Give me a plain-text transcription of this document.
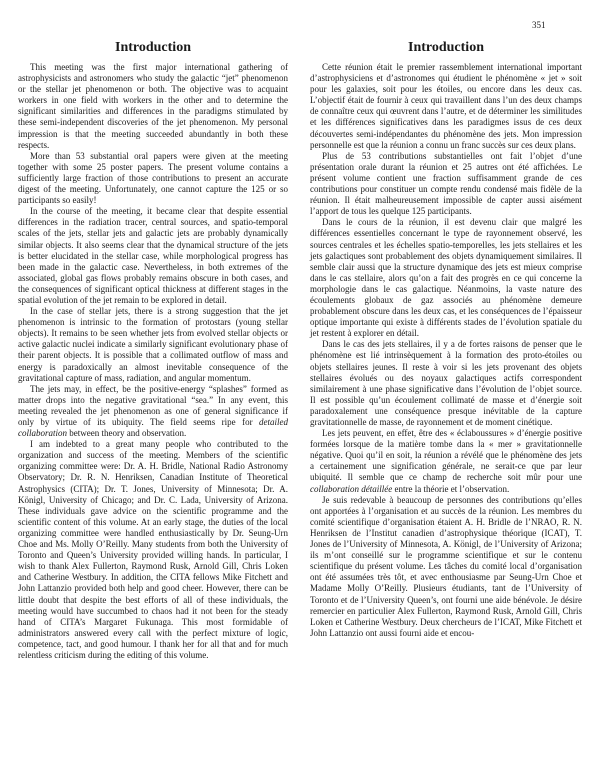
351
Introduction

This meeting was the first major international gathering of astrophysicists and astronomers who study the galactic “jet” phenomenon or the stellar jet phenomenon or both. The objective was to acquaint workers in one field with workers in the other and to determine the significant similarities and differences in the paradigms stimulated by these semi-independent discoveries of the jet phenomenon. My personal impression is that the meeting succeeded abundantly in both these respects.

More than 53 substantial oral papers were given at the meeting together with some 25 poster papers. The present volume contains a sufficiently large fraction of those contributions to present an accurate digest of the meeting. Unfortunately, one cannot capture the 125 or so participants so easily!

In the course of the meeting, it became clear that despite essential differences in the radiation tracer, central sources, and spatio-temporal scales of the jets, stellar jets and galactic jets are probably dynamically similar objects. It also seems clear that the dynamical structure of the jets is better elucidated in the stellar case, while morphological progress has been made in the galactic case. Nevertheless, in both extremes of the associated, global gas flows probably remains obscure in both cases, and the consequences of significant optical thickness at different stages in the spatial evolution of the jet remain to be explored in detail.

In the case of stellar jets, there is a strong suggestion that the jet phenomenon is intrinsic to the formation of protostars (young stellar objects). It remains to be seen whether jets from evolved stellar objects or active galactic nuclei indicate a similarly significant evolutionary phase of their parent objects. It is possible that a collimated outflow of mass and energy is paradoxically an almost inevitable consequence of the gravitational capture of mass, radiation, and angular momentum.

The jets may, in effect, be the positive-energy “splashes” formed as matter drops into the negative gravitational “sea.” In any event, this meeting revealed the jet phenomenon as one of general significance if only by virtue of its ubiquity. The field seems ripe for detailed collaboration between theory and observation.

I am indebted to a great many people who contributed to the organization and success of the meeting. Members of the scientific organizing committee were: Dr. A. H. Bridle, National Radio Astronomy Observatory; Dr. R. N. Henriksen, Canadian Institute of Theoretical Astrophysics (CITA); Dr. T. Jones, University of Minnesota; Dr. A. Königl, University of Chicago; and Dr. C. Lada, University of Arizona. These individuals gave advice on the scientific programme and the scientific content of this volume. At an early stage, the duties of the local organizing committee were handled enthusiastically by Dr. Seung-Urn Choe and Ms. Molly O’Reilly. Many students from both the University of Toronto and Queen’s University provided willing hands. In particular, I wish to thank Alex Fullerton, Raymond Rusk, Arnold Gill, Chris Loken and Catherine Westbury. In addition, the CITA fellows Mike Fitchett and John Lattanzio provided both help and good cheer. However, there can be little doubt that despite the best efforts of all of these individuals, the meeting would have succumbed to chaos had it not been for the steady hand of CITA’s Margaret Fukunaga. This most formidable of administrators answered every call with the perfect mixture of logic, competence, tact, and good humour. I thank her for all that and for much relentless criticism during the editing of this volume.

Introduction

Cette réunion était le premier rassemblement international important d’astrophysiciens et d’astronomes qui étudient le phénomène « jet » soit pour les galaxies, soit pour les étoiles, ou encore dans les deux cas. L’objectif était de fournir à ceux qui travaillent dans l’un des deux champs de connaître ceux qui œuvrent dans l’autre, et de déterminer les similitudes et les différences significatives dans les paradigmes issus de ces deux découvertes semi-indépendantes du phénomène des jets. Mon impression personnelle est que la réunion a connu un franc succès sur ces deux plans.

Plus de 53 contributions substantielles ont fait l’objet d’une présentation orale durant la réunion et 25 autres ont été affichées. Le présent volume contient une fraction suffisamment grande de ces contributions pour constituer un compte rendu condensé mais fidèle de la réunion. Il était malheureusement impossible de capter aussi aisément l’apport de tous les quelque 125 participants.

Dans le cours de la réunion, il est devenu clair que malgré les différences essentielles concernant le type de rayonnement observé, les sources centrales et les échelles spatio-temporelles, les jets stellaires et les jets galactiques sont probablement des objets dynamiquement similaires. Il semble clair aussi que la structure dynamique des jets est mieux comprise dans le cas stellaire, alors qu’on a fait des progrès en ce qui concerne la morphologie dans le cas galactique. Néanmoins, la vaste nature des écoulements globaux de gaz associés au phénomène demeure probablement obscure dans les deux cas, et les conséquences de l’épaisseur optique importante qui existe à différents stades de l’évolution spatiale du jet restent à explorer en détail.

Dans le cas des jets stellaires, il y a de fortes raisons de penser que le phénomène est lié intrinsèquement à la formation des proto-étoiles ou objets stellaires jeunes. Il reste à voir si les jets provenant des objets stellaires évolués ou des noyaux galactiques actifs correspondent similairement à une phase significative dans l’évolution de l’objet source. Il est possible qu’un écoulement collimaté de masse et d’énergie soit paradoxalement une conséquence presque inévitable de la capture gravitationnelle de masse, de rayonnement et de moment cinétique.

Les jets peuvent, en effet, être des « éclaboussures » d’énergie positive formées lorsque de la matière tombe dans la « mer » gravitationnelle négative. Quoi qu’il en soit, la réunion a révélé que le phénomène des jets a certainement une signification générale, ne serait-ce que par leur ubiquité. Il semble que ce champ de recherche soit mûr pour une collaboration détaillée entre la théorie et l’observation.

Je suis redevable à beaucoup de personnes des contributions qu’elles ont apportées à l’organisation et au succès de la réunion. Les membres du comité scientifique d’organisation étaient A. H. Bridle de l’NRAO, R. N. Henriksen de l’Institut canadien d’astrophysique théorique (ICAT), T. Jones de l’University of Minnesota, A. Königl, de l’University of Arizona; ils m’ont conseillé sur le programme scientifique et sur le contenu scientifique du présent volume. Les tâches du comité local d’organisation ont été assumées très tôt, et avec enthousiasme par Seung-Urn Choe et Madame Molly O’Reilly. Plusieurs étudiants, tant de l’University of Toronto et de l’University Queen’s, ont fourni une aide bénévole. Je désire remercier en particulier Alex Fullerton, Raymond Rusk, Arnold Gill, Chris Loken et Catherine Westbury. Deux chercheurs de l’ICAT, Mike Fitchett et John Lattanzio ont aussi fourni aide et encou-
